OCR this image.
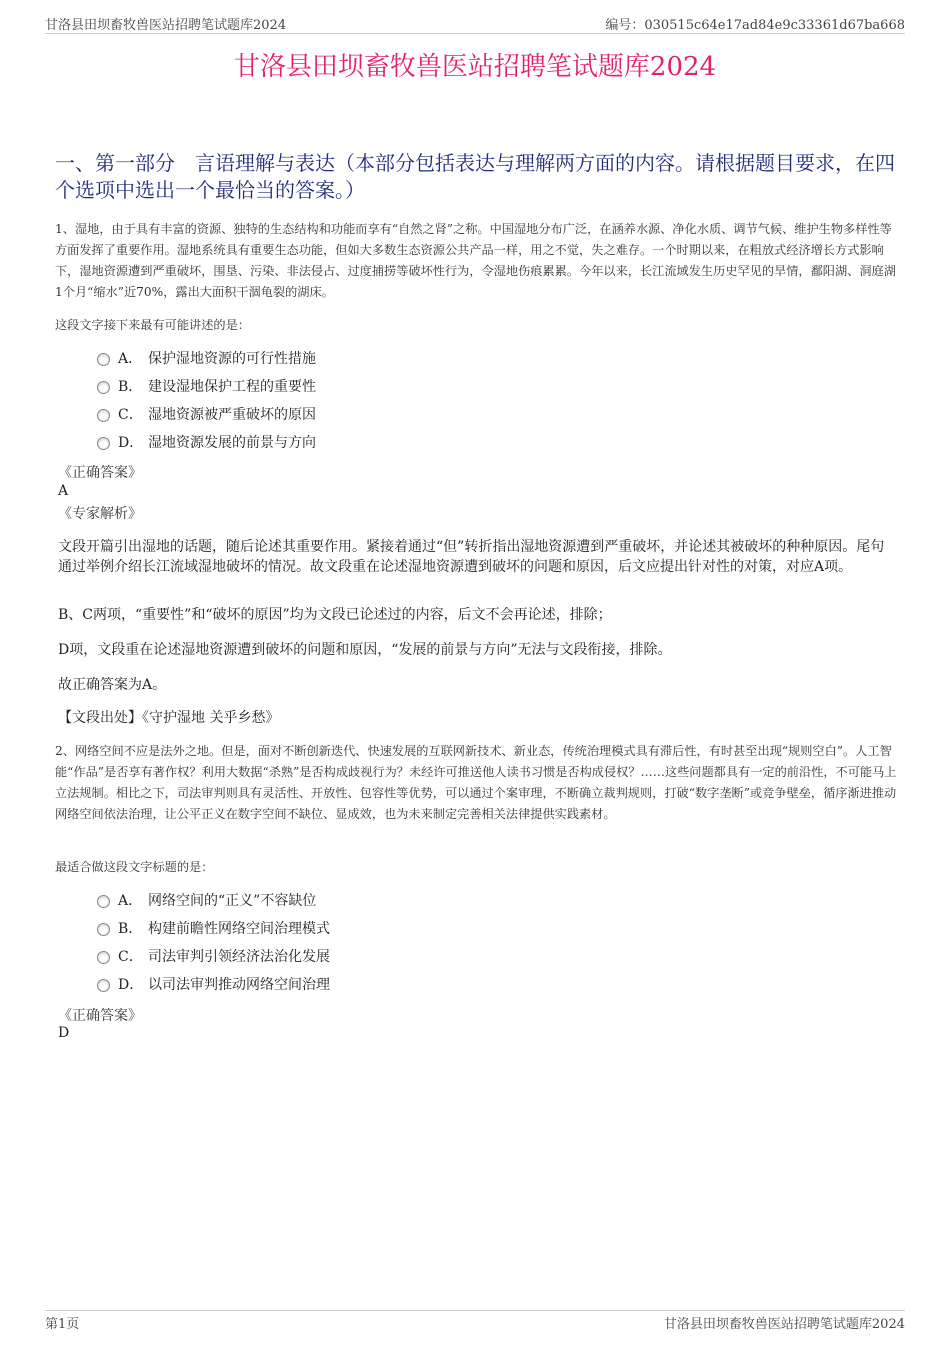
甘洛县田坝畜牧兽医站招聘笔试题库2024	编号：030515c64e17ad84e9c33361d67ba668
甘洛县田坝畜牧兽医站招聘笔试题库2024
一、第一部分　言语理解与表达（本部分包括表达与理解两方面的内容。请根据题目要求，在四个选项中选出一个最恰当的答案。）
1、湿地，由于具有丰富的资源、独特的生态结构和功能而享有“自然之肾”之称。中国湿地分布广泛，在涵养水源、净化水质、调节气候、维护生物多样性等方面发挥了重要作用。湿地系统具有重要生态功能，但如大多数生态资源公共产品一样，用之不觉，失之难存。一个时期以来，在粗放式经济增长方式影响下，湿地资源遭到严重破坏，围垦、污染、非法侵占、过度捕捞等破坏性行为，令湿地伤痕累累。今年以来，长江流域发生历史罕见的旱情，鄱阳湖、洞庭湖1个月“缩水”近70%，露出大面积干涸龟裂的湖床。
这段文字接下来最有可能讲述的是：
A． 保护湿地资源的可行性措施
B． 建设湿地保护工程的重要性
C． 湿地资源被严重破坏的原因
D． 湿地资源发展的前景与方向
《正确答案》
A
《专家解析》
文段开篇引出湿地的话题，随后论述其重要作用。紧接着通过“但”转折指出湿地资源遭到严重破坏，并论述其被破坏的种种原因。尾句通过举例介绍长江流域湿地破坏的情况。故文段重在论述湿地资源遭到破坏的问题和原因，后文应提出针对性的对策，对应A项。
B、C两项，“重要性”和“破坏的原因”均为文段已论述过的内容，后文不会再论述，排除；
D项，文段重在论述湿地资源遭到破坏的问题和原因，“发展的前景与方向”无法与文段衔接，排除。
故正确答案为A。
【文段出处】《守护湿地 关乎乡愁》
2、网络空间不应是法外之地。但是，面对不断创新迭代、快速发展的互联网新技术、新业态，传统治理模式具有滞后性，有时甚至出现“规则空白”。人工智能“作品”是否享有著作权？利用大数据“杀熟”是否构成歧视行为？未经许可推送他人读书习惯是否构成侵权？……这些问题都具有一定的前沿性，不可能马上立法规制。相比之下，司法审判则具有灵活性、开放性、包容性等优势，可以通过个案审理，不断确立裁判规则，打破“数字垄断”或竞争壁垒，循序渐进推动网络空间依法治理，让公平正义在数字空间不缺位、显成效，也为未来制定完善相关法律提供实践素材。
最适合做这段文字标题的是：
A． 网络空间的“正义”不容缺位
B． 构建前瞻性网络空间治理模式
C． 司法审判引领经济法治化发展
D． 以司法审判推动网络空间治理
《正确答案》
D
第1页	甘洛县田坝畜牧兽医站招聘笔试题库2024
